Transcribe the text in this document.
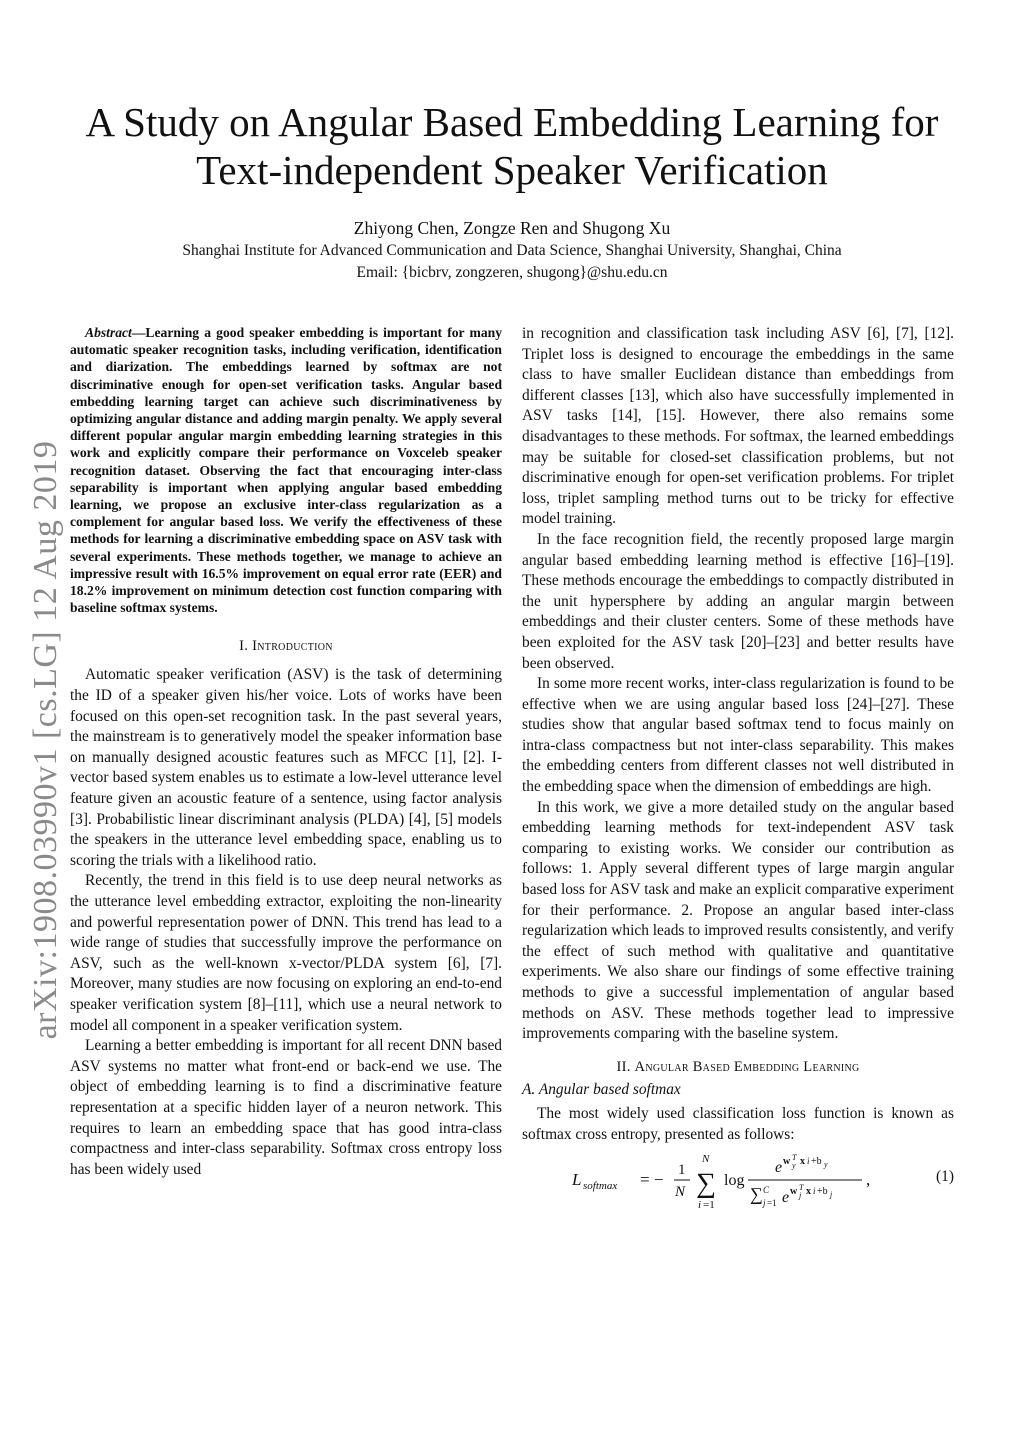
arXiv:1908.03990v1 [cs.LG] 12 Aug 2019
A Study on Angular Based Embedding Learning for Text-independent Speaker Verification
Zhiyong Chen, Zongze Ren and Shugong Xu
Shanghai Institute for Advanced Communication and Data Science, Shanghai University, Shanghai, China
Email: {bicbrv, zongzeren, shugong}@shu.edu.cn

Abstract—Learning a good speaker embedding is important for many automatic speaker recognition tasks, including verification, identification and diarization. The embeddings learned by softmax are not discriminative enough for open-set verification tasks. Angular based embedding learning target can achieve such discriminativeness by optimizing angular distance and adding margin penalty. We apply several different popular angular margin embedding learning strategies in this work and explicitly compare their performance on Voxceleb speaker recognition dataset. Observing the fact that encouraging inter-class separability is important when applying angular based embedding learning, we propose an exclusive inter-class regularization as a complement for angular based loss. We verify the effectiveness of these methods for learning a discriminative embedding space on ASV task with several experiments. These methods together, we manage to achieve an impressive result with 16.5% improvement on equal error rate (EER) and 18.2% improvement on minimum detection cost function comparing with baseline softmax systems.

I. Introduction

Automatic speaker verification (ASV) is the task of determining the ID of a speaker given his/her voice. Lots of works have been focused on this open-set recognition task. In the past several years, the mainstream is to generatively model the speaker information base on manually designed acoustic features such as MFCC [1], [2]. I-vector based system enables us to estimate a low-level utterance level feature given an acoustic feature of a sentence, using factor analysis [3]. Probabilistic linear discriminant analysis (PLDA) [4], [5] models the speakers in the utterance level embedding space, enabling us to scoring the trials with a likelihood ratio.

Recently, the trend in this field is to use deep neural networks as the utterance level embedding extractor, exploiting the non-linearity and powerful representation power of DNN. This trend has lead to a wide range of studies that successfully improve the performance on ASV, such as the well-known x-vector/PLDA system [6], [7]. Moreover, many studies are now focusing on exploring an end-to-end speaker verification system [8]–[11], which use a neural network to model all component in a speaker verification system.

Learning a better embedding is important for all recent DNN based ASV systems no matter what front-end or back-end we use. The object of embedding learning is to find a discriminative feature representation at a specific hidden layer of a neuron network. This requires to learn an embedding space that has good intra-class compactness and inter-class separability. Softmax cross entropy loss has been widely used

in recognition and classification task including ASV [6], [7], [12]. Triplet loss is designed to encourage the embeddings in the same class to have smaller Euclidean distance than embeddings from different classes [13], which also have successfully implemented in ASV tasks [14], [15]. However, there also remains some disadvantages to these methods. For softmax, the learned embeddings may be suitable for closed-set classification problems, but not discriminative enough for open-set verification problems. For triplet loss, triplet sampling method turns out to be tricky for effective model training.

In the face recognition field, the recently proposed large margin angular based embedding learning method is effective [16]–[19]. These methods encourage the embeddings to compactly distributed in the unit hypersphere by adding an angular margin between embeddings and their cluster centers. Some of these methods have been exploited for the ASV task [20]–[23] and better results have been observed.

In some more recent works, inter-class regularization is found to be effective when we are using angular based loss [24]–[27]. These studies show that angular based softmax tend to focus mainly on intra-class compactness but not inter-class separability. This makes the embedding centers from different classes not well distributed in the embedding space when the dimension of embeddings are high.

In this work, we give a more detailed study on the angular based embedding learning methods for text-independent ASV task comparing to existing works. We consider our contribution as follows: 1. Apply several different types of large margin angular based loss for ASV task and make an explicit comparative experiment for their performance. 2. Propose an angular based inter-class regularization which leads to improved results consistently, and verify the effect of such method with qualitative and quantitative experiments. We also share our findings of some effective training methods to give a successful implementation of angular based methods on ASV. These methods together lead to impressive improvements comparing with the baseline system.

II. Angular Based Embedding Learning
A. Angular based softmax

The most widely used classification loss function is known as softmax cross entropy, presented as follows:

L softmax = − 1
N
N
∑
i =1
log
e w T
y x i +b y
∑ C
j =1 e w T
j x i +b j
,	(1)
